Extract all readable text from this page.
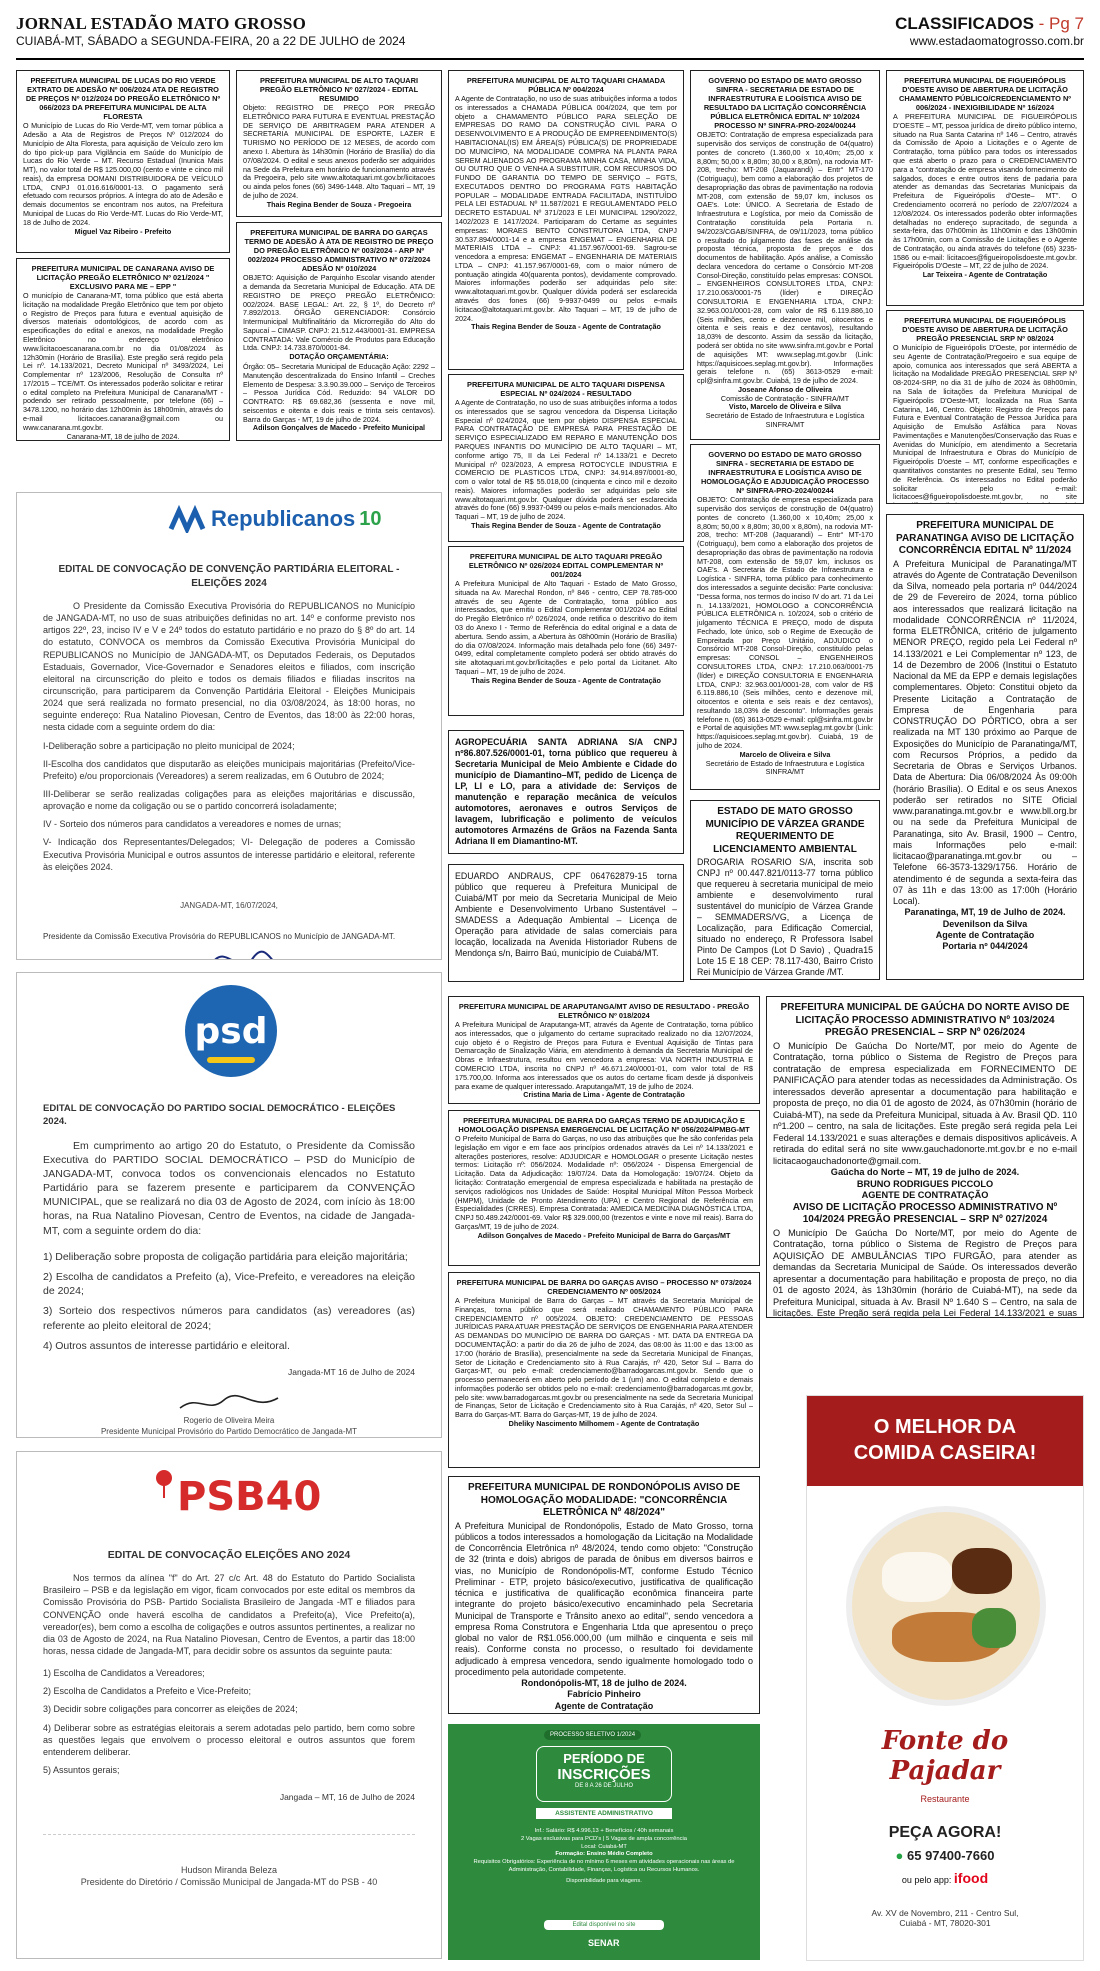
JORNAL ESTADÃO MATO GROSSO
CUIABÁ-MT, SÁBADO a SEGUNDA-FEIRA, 20 a 22 DE JULHO de 2024
CLASSIFICADOS - Pg 7
www.estadaomatogrosso.com.br
PREFEITURA MUNICIPAL DE LUCAS DO RIO VERDE EXTRATO DE ADESÃO Nº 006/2024 ATA DE REGISTRO DE PREÇOS Nº 012/2024 DO PREGÃO ELETRÔNICO Nº 066/2023 DA PREFEITURA MUNICIPAL DE ALTA FLORESTA

O Município de Lucas do Rio Verde-MT, vem tornar pública a Adesão a Ata de Registros de Preços Nº 012/2024 do Município de Alta Floresta, para aquisição de Veículo zero km do tipo pick-up para Vigilância em Saúde do Município de Lucas do Rio Verde – MT. Recurso Estadual (Inunica Mais MT), no valor total de R$ 125.000,00 (cento e vinte e cinco mil reais), da empresa DOMANI DISTRIBUIDORA DE VEÍCULO LTDA, CNPJ 01.016.616/0001-13. O pagamento será efetuado com recursos próprios. A íntegra do ato de Adesão e demais documentos se encontram nos autos, na Prefeitura Municipal de Lucas do Rio Verde-MT. Lucas do Rio Verde-MT, 18 de Julho de 2024.

Miguel Vaz Ribeiro - Prefeito
PREFEITURA MUNICIPAL DE CANARANA AVISO DE LICITAÇÃO PREGÃO ELETRÔNICO Nº 021/2024 " EXCLUSIVO PARA ME – EPP "

O município de Canarana-MT, torna público que está aberta licitação na modalidade Pregão Eletrônico que tem por objeto o Registro de Preços para futura e eventual aquisição de diversos materiais odontológicos, de acordo com as especificações do edital e anexos, na modalidade Pregão Eletrônico no endereço eletrônico www.licitacoescanarana.com.br no dia 01/08/2024 às 12h30min (Horário de Brasília). Este pregão será regido pela Lei nº. 14.133/2021, Decreto Municipal nº 3493/2024, Lei Complementar nº 123/2006, Resolução de Consulta nº 17/2015 – TCE/MT. Os interessados poderão solicitar e retirar o edital completo na Prefeitura Municipal de Canarana/MT - podendo ser retirado pessoalmente, por telefone (66) – 3478.1200, no horário das 12h00min às 18h00min, através do e-mail licitacoes.canarana@gmail.com ou www.canarana.mt.gov.br.

Canarana-MT, 18 de julho de 2024.
PREFEITURA MUNICIPAL DE ALTO TAQUARI PREGÃO ELETRÔNICO Nº 027/2024 - EDITAL RESUMIDO

Objeto: REGISTRO DE PREÇO POR PREGÃO ELETRÔNICO PARA FUTURA E EVENTUAL PRESTAÇÃO DE SERVIÇO DE ARBITRAGEM PARA ATENDER A SECRETARIA MUNICIPAL DE ESPORTE, LAZER E TURISMO NO PERÍODO DE 12 MESES, de acordo com anexo I. Abertura às 14h30min (Horário de Brasília) do dia 07/08/2024. O edital e seus anexos poderão ser adquiridos na Sede da Prefeitura em horário de funcionamento através da Pregoeira, pelo site www.altotaquari.mt.gov.br/licitacoes ou ainda pelos fones (66) 3496-1448. Alto Taquari – MT, 19 de julho de 2024.

Thais Regina Bender de Souza - Pregoeira
PREFEITURA MUNICIPAL DE BARRA DO GARÇAS TERMO DE ADESÃO À ATA DE REGISTRO DE PREÇO DO PREGÃO ELETRÔNICO Nº 003/2024 - ARP Nº 002/2024 PROCESSO ADMINISTRATIVO Nº 072/2024 ADESÃO Nº 010/2024

OBJETO: Aquisição de Parquinho Escolar visando atender a demanda da Secretaria Municipal de Educação. ATA DE REGISTRO DE PREÇO PREGÃO ELETRÔNICO: 002/2024. BASE LEGAL: Art. 22, § 1º, do Decreto nº 7.892/2013. ÓRGÃO GERENCIADOR: Consórcio Intermunicipal Multifinalitário da Microrregião do Alto do Sapucaí – CIMASP. CNPJ: 21.512.443/0001-31. EMPRESA CONTRATADA: Vale Comércio de Produtos para Educação Ltda. CNPJ: 14.733.870/0001-84.

DOTAÇÃO ORÇAMENTÁRIA:

Órgão: 05– Secretaria Municipal de Educação Ação: 2292 – Manutenção descentralizada do Ensino Infantil – Creches Elemento de Despesa: 3.3.90.39.000 – Serviço de Terceiros – Pessoa Jurídica Cód. Reduzido: 94 VALOR DO CONTRATO: R$ 69.682,36 (sessenta e nove mil, seiscentos e oitenta e dois reais e trinta seis centavos). Barra do Garças - MT, 19 de julho de 2024.

Adilson Gonçalves de Macedo - Prefeito Municipal
Republicanos 10
EDITAL DE CONVOCAÇÃO DE CONVENÇÃO PARTIDÁRIA ELEITORAL - ELEIÇÕES 2024

O Presidente da Comissão Executiva Provisória do REPUBLICANOS no Município de JANGADA-MT, no uso de suas atribuições definidas no art. 14º e conforme previsto nos artigos 22º, 23, inciso IV e V e 24º todos do estatuto partidário e no prazo do § 8º do art. 14 do estatuto, CONVOCA os membros da Comissão Executiva Provisória Municipal do REPUBLICANOS no Município de JANGADA-MT, os Deputados Federais, os Deputados Estaduais, Governador, Vice-Governador e Senadores eleitos e filiados, com inscrição eleitoral na circunscrição do pleito e todos os demais filiados e filiadas inscritos na circunscrição, para participarem da Convenção Partidária Eleitoral - Eleições Municipais 2024 que será realizada no formato presencial, no dia 03/08/2024, às 18:00 horas, no seguinte endereço: Rua Natalino Piovesan, Centro de Eventos, das 18:00 às 22:00 horas, nesta cidade com a seguinte ordem do dia:

I-Deliberação sobre a participação no pleito municipal de 2024;
II-Escolha dos candidatos que disputarão as eleições municipais majoritárias (Prefeito/Vice-Prefeito) e/ou proporcionais (Vereadores) a serem realizadas, em 6 Outubro de 2024;
III-Deliberar se serão realizadas coligações para as eleições majoritárias e discussão, aprovação e nome da coligação ou se o partido concorrerá isoladamente;
IV - Sorteio dos números para candidatos a vereadores e nomes de urnas;
V- Indicação dos Representantes/Delegados; VI- Delegação de poderes a Comissão Executiva Provisória Municipal e outros assuntos de interesse partidário e eleitoral, referente às eleições 2024.
JANGADA-MT, 16/07/2024,
Presidente da Comissão Executiva Provisória do REPUBLICANOS no Município de JANGADA-MT.
psd
EDITAL DE CONVOCAÇÃO DO PARTIDO SOCIAL DEMOCRÁTICO - ELEIÇÕES 2024.

Em cumprimento ao artigo 20 do Estatuto, o Presidente da Comissão Executiva do PARTIDO SOCIAL DEMOCRÁTICO – PSD do Município de JANGADA-MT, convoca todos os convencionais elencados no Estatuto Partidário para se fazerem presente e participarem da CONVENÇÃO MUNICIPAL, que se realizará no dia 03 de Agosto de 2024, com início às 18:00 horas, na Rua Natalino Piovesan, Centro de Eventos, na cidade de Jangada-MT, com a seguinte ordem do dia:

1) Deliberação sobre proposta de coligação partidária para eleição majoritária;
2) Escolha de candidatos a Prefeito (a), Vice-Prefeito, e vereadores na eleição de 2024;
3) Sorteio dos respectivos números para candidatos (as) vereadores (as) referente ao pleito eleitoral de 2024;
4) Outros assuntos de interesse partidário e eleitoral.
Jangada-MT 16 de Julho de 2024
Rogerio de Oliveira Meira
Presidente Municipal Provisório do Partido Democrático de Jangada-MT
PSB40
EDITAL DE CONVOCAÇÃO ELEIÇÕES ANO 2024

Nos termos da alínea "f" do Art. 27 c/c Art. 48 do Estatuto do Partido Socialista Brasileiro – PSB e da legislação em vigor, ficam convocados por este edital os membros da Comissão Provisória do PSB- Partido Socialista Brasileiro de Jangada -MT e filiados para CONVENÇÃO onde haverá escolha de candidatos a Prefeito(a), Vice Prefeito(a), vereador(es), bem como a escolha de coligações e outros assuntos pertinentes, a realizar no dia 03 de Agosto de 2024, na Rua Natalino Piovesan, Centro de Eventos, a partir das 18:00 horas, nessa cidade de Jangada-MT, para decidir sobre os assuntos da seguinte pauta:

1) Escolha de Candidatos a Vereadores;
2) Escolha de Candidatos a Prefeito e Vice-Prefeito;
3) Decidir sobre coligações para concorrer as eleições de 2024;
4) Deliberar sobre as estratégias eleitorais a serem adotadas pelo partido, bem como sobre as questões legais que envolvem o processo eleitoral e outros assuntos que forem entenderem deliberar.
5) Assuntos gerais;
Jangada – MT, 16 de Julho de 2024
Hudson Miranda Beleza
Presidente do Diretório / Comissão Municipal de Jangada-MT do PSB - 40
PREFEITURA MUNICIPAL DE ALTO TAQUARI CHAMADA PÚBLICA Nº 004/2024

A Agente de Contratação, no uso de suas atribuições informa a todos os interessados a CHAMADA PÚBLICA 004/2024, que tem por objeto a CHAMAMENTO PÚBLICO PARA SELEÇÃO DE EMPRESAS DO RAMO DA CONSTRUÇÃO CIVIL PARA O DESENVOLVIMENTO E A PRODUÇÃO DE EMPREENDIMENTO(S) HABITACIONAL(IS) EM ÁREA(S) PÚBLICA(S) DE PROPRIEDADE DO MUNICÍPIO, NA MODALIDADE COMPRA NA PLANTA PARA SEREM ALIENADOS AO PROGRAMA MINHA CASA, MINHA VIDA, OU OUTRO QUE O VENHA A SUBSTITUIR, COM RECURSOS DO FUNDO DE GARANTIA DO TEMPO DE SERVIÇO – FGTS, EXECUTADOS DENTRO DO PROGRAMA FGTS HABITAÇÃO POPULAR – MODALIDADE ENTRADA FACILITADA, INSTITUÍDO PELA LEI ESTADUAL Nº 11.587/2021 E REGULAMENTADO PELO DECRETO ESTADUAL Nº 371/2023 E LEI MUNICIPAL 1290/2022, 1402/2023 E 1417/2024. Participaram do Certame as seguintes empresas: MORAES BENTO CONSTRUTORA LTDA, CNPJ 30.537.894/0001-14 e a empresa ENGEMAT – ENGENHARIA DE MATERIAIS LTDA – CNPJ: 41.157.967/0001-69. Sagrou-se vencedora a empresa: ENGEMAT – ENGENHARIA DE MATERIAIS LTDA – CNPJ: 41.157.967/0001-69, com o maior número de pontuação atingida 40(quarenta pontos), devidamente comprovado. Maiores informações poderão ser adquiridas pelo site: www.altotaquari.mt.gov.br. Qualquer dúvida poderá ser esclarecida através dos fones (66) 9-9937-0499 ou pelos e-mails licitacao@altotaquari.mt.gov.br. Alto Taquari – MT, 19 de julho de 2024.

Thais Regina Bender de Souza - Agente de Contratação
PREFEITURA MUNICIPAL DE ALTO TAQUARI DISPENSA ESPECIAL Nº 024/2024 - RESULTADO

A Agente de Contratação, no uso de suas atribuições informa a todos os interessados que se sagrou vencedora da Dispensa Licitação Especial nº 024/2024, que tem por objeto DISPENSA ESPECIAL PARA CONTRATAÇÃO DE EMPRESA PARA PRESTAÇÃO DE SERVIÇO ESPECIALIZADO EM REPARO E MANUTENÇÃO DOS PARQUES INFANTIS DO MUNICÍPIO DE ALTO TAQUARI – MT, conforme artigo 75, II da Lei Federal nº 14.133/21 e Decreto Municipal nº 023/2023, A empresa ROTOCYCLE INDUSTRIA E COMERCIO DE PLASTICOS LTDA, CNPJ: 34.914.897/0001-80, com o valor total de R$ 55.018,00 (cinquenta e cinco mil e dezoito reais). Maiores informações poderão ser adquiridas pelo site www.altotaquari.mt.gov.br. Qualquer dúvida poderá ser esclarecida através do fone (66) 9.9937-0499 ou pelos e-mails mencionados. Alto Taquari – MT, 19 de julho de 2024.

Thais Regina Bender de Souza - Agente de Contratação
PREFEITURA MUNICIPAL DE ALTO TAQUARI PREGÃO ELETRÔNICO Nº 026/2024 EDITAL COMPLEMENTAR Nº 001/2024

A Prefeitura Municipal de Alto Taquari - Estado de Mato Grosso, situada na Av. Marechal Rondon, nº 846 - centro, CEP 78.785-000 através de seu Agente de Contratação, torna público aos interessados, que emitiu o Edital Complementar 001/2024 ao Edital do Pregão Eletrônico nº 026/2024, onde retifica o descritivo do item 03 do Anexo I - Termo de Referência do edital original e a data de abertura. Sendo assim, a Abertura às 08h00min (Horário de Brasília) do dia 07/08/2024. Informação mais detalhada pelo fone (66) 3497-0499, edital completamente completo poderá ser obtido através do site altotaquari.mt.gov.br/licitações e pelo portal da Licitanet. Alto Taquari – MT, 19 de julho de 2024.

Thais Regina Bender de Souza - Agente de Contratação

AGROPECUÁRIA SANTA ADRIANA S/A CNPJ nº86.807.526/0001-01, torna público que requereu à Secretaria Municipal de Meio Ambiente e Cidade do município de Diamantino–MT, pedido de Licença de LP, LI e LO, para a atividade de: Serviços de manutenção e reparação mecânica de veículos automotores, aeronaves e outros Serviços de lavagem, lubrificação e polimento de veículos automotores Armazéns de Grãos na Fazenda Santa Adriana II em Diamantino-MT.

EDUARDO ANDRAUS, CPF 064762879-15 torna público que requereu à Prefeitura Municipal de Cuiabá/MT por meio da Secretaria Municipal de Meio Ambiente e Desenvolvimento Urbano Sustentável – SMADESS a Adequação Ambiental – Licença de Operação para atividade de salas comerciais para locação, localizada na Avenida Historiador Rubens de Mendonça s/n, Bairro Baú, município de Cuiabá/MT.

GOVERNO DO ESTADO DE MATO GROSSO SINFRA - SECRETARIA DE ESTADO DE INFRAESTRUTURA E LOGÍSTICA AVISO DE RESULTADO DA LICITAÇÃO CONCORRÊNCIA PÚBLICA ELETRÔNICA EDITAL Nº 10/2024 PROCESSO Nº SINFRA-PRO-2024/00244

OBJETO: Contratação de empresa especializada para supervisão dos serviços de construção de 04(quatro) pontes de concreto (1.360,00 x 10,40m; 25,00 x 8,80m; 50,00 x 8,80m; 30,00 x 8,80m), na rodovia MT-208, trecho: MT-208 (Jaquarandi) – Entr° MT-170 (Cotriguaçu), bem como a elaboração dos projetos de desapropriação das obras de pavimentação na rodovia MT-208, com extensão de 59,07 km, inclusos os OAE's. Lote: ÚNICO. A Secretaria de Estado de Infraestrutura e Logística, por meio da Comissão de Contratação constituída pela Portaria n. 94/2023/CGAB/SINFRA, de 09/11/2023, torna público o resultado do julgamento das fases de análise da proposta técnica, proposta de preços e dos documentos de habilitação. Após análise, a Comissão declara vencedora do certame o Consórcio MT-208 Consol-Direção, constituído pelas empresas: CONSOL – ENGENHEIROS CONSULTORES LTDA, CNPJ: 17.210.063/0001-75 (líder) e DIREÇÃO CONSULTORIA E ENGENHARIA LTDA, CNPJ: 32.963.001/0001-28, com valor de R$ 6.119.886,10 (Seis milhões, cento e dezenove mil, oitocentos e oitenta e seis reais e dez centavos), resultando 18,03% de desconto. Assim da sessão da licitação, poderá ser obtida no site www.sinfra.mt.gov.br e Portal de aquisições MT: www.seplag.mt.gov.br (Link: https://aquisicoes.seplag.mt.gov.br). Informações gerais telefone n. (65) 3613-0529 e-mail: cpl@sinfra.mt.gov.br. Cuiabá, 19 de julho de 2024.

Joseane Afonso de Oliveira
Comissão de Contratação - SINFRA/MT
Visto, Marcelo de Oliveira e Silva
Secretário de Estado de Infraestrutura e Logística SINFRA/MT
GOVERNO DO ESTADO DE MATO GROSSO SINFRA - SECRETARIA DE ESTADO DE INFRAESTRUTURA E LOGÍSTICA AVISO DE HOMOLOGAÇÃO E ADJUDICAÇÃO PROCESSO Nº SINFRA-PRO-2024/00244

OBJETO: Contratação de empresa especializada para supervisão dos serviços de construção de 04(quatro) pontes de concreto (1.360,00 x 10,40m; 25,00 x 8,80m; 50,00 x 8,80m; 30,00 x 8,80m), na rodovia MT-208, trecho: MT-208 (Jaquarandi) – Entr° MT-170 (Cotriguaçu), bem como a elaboração dos projetos de desapropriação das obras de pavimentação na rodovia MT-208, com extensão de 59,07 km, inclusos os OAE's. A Secretaria de Estado de Infraestrutura e Logística - SINFRA, torna público para conhecimento dos interessados a seguinte decisão: Parte conclusiva: "Dessa forma, nos termos do inciso IV do art. 71 da Lei n. 14.133/2021, HOMOLOGO a CONCORRÊNCIA PÚBLICA ELETRÔNICA n. 10/2024, sob o critério de julgamento TÉCNICA E PREÇO, modo de disputa Fechado, lote único, sob o Regime de Execução de Empreitada por Preço Unitário, ADJUDICO o Consórcio MT-208 Consol-Direção, constituído pelas empresas: CONSOL – ENGENHEIROS CONSULTORES LTDA, CNPJ: 17.210.063/0001-75 (líder) e DIREÇÃO CONSULTORIA E ENGENHARIA LTDA, CNPJ: 32.963.001/0001-28, com valor de R$ 6.119.886,10 (Seis milhões, cento e dezenove mil, oitocentos e oitenta e seis reais e dez centavos), resultando 18,03% de desconto". Informações gerais telefone n. (65) 3613-0529 e-mail: cpl@sinfra.mt.gov.br e Portal de aquisições MT: www.seplag.mt.gov.br (Link: https://aquisicoes.seplag.mt.gov.br). Cuiabá, 19 de julho de 2024.

Marcelo de Oliveira e Silva
Secretário de Estado de Infraestrutura e Logística SINFRA/MT
ESTADO DE MATO GROSSO MUNICÍPIO DE VÁRZEA GRANDE REQUERIMENTO DE LICENCIAMENTO AMBIENTAL

DROGARIA ROSARIO S/A, inscrita sob CNPJ nº 00.447.821/0113-77 torna público que requereu à secretaria municipal de meio ambiente e desenvolvimento rural sustentável do município de Várzea Grande – SEMMADERS/VG, a Licença de Localização, para Edificação Comercial, situado no endereço, R Professora Isabel Pinto De Campos (Lot D Savio) , Quadra15 Lote 15 E 18 CEP: 78.117-430, Bairro Cristo Rei Município de Várzea Grande /MT.

PREFEITURA MUNICIPAL DE FIGUEIRÓPOLIS D'OESTE AVISO DE ABERTURA DE LICITAÇÃO CHAMAMENTO PÚBLICO/CREDENCIAMENTO Nº 006/2024 - INEXIGIBILIDADE Nº 16/2024

A PREFEITURA MUNICIPAL DE FIGUEIRÓPOLIS D'OESTE – MT, pessoa jurídica de direito público interno, situado na Rua Santa Catarina nº 146 – Centro, através da Comissão de Apoio a Licitações e o Agente de Contratação, torna público para todos os interessados que está aberto o prazo para o CREDENCIAMENTO para a "contratação de empresa visando fornecimento de salgados, doces e entre outros itens de padaria para atender as demandas das Secretarias Municipais da Prefeitura de Figueirópolis d'Oeste– MT". O Credenciamento ocorrerá no período de 22/07/2024 a 12/08/2024. Os interessados poderão obter informações detalhadas no endereço supracitado, de segunda a sexta-feira, das 07h00min às 11h00min e das 13h00min às 17h00min, com a Comissão de Licitações e o Agente de Contratação, ou ainda através do telefone (65) 3235-1586 ou e-mail: licitacoes@figueiropolisdoeste.mt.gov.br. Figueirópolis D'Oeste – MT, 22 de julho de 2024.

Lar Teixeira - Agente de Contratação
PREFEITURA MUNICIPAL DE FIGUEIRÓPOLIS D'OESTE AVISO DE ABERTURA DE LICITAÇÃO PREGÃO PRESENCIAL SRP Nº 08/2024

O Município de Figueirópolis D'Oeste, por intermédio de seu Agente de Contratação/Pregoeiro e sua equipe de apoio, comunica aos interessados que será ABERTA a licitação na Modalidade PREGÃO PRESENCIAL SRP Nº 08-2024-SRP, no dia 31 de julho de 2024 às 08h00min, na Sala de licitações da Prefeitura Municipal de Figueirópolis D'Oeste-MT, localizada na Rua Santa Catarina, 146, Centro. Objeto: Registro de Preços para Futura e Eventual Contratação de Pessoa Jurídica para Aquisição de Emulsão Asfáltica para Novas Pavimentações e Manutenções/Conservação das Ruas e Avenidas do Município, em atendimento a Secretaria Municipal de Infraestrutura e Obras do Município de Figueirópolis D'oeste – MT, conforme especificações e quantitativos constantes no presente Edital, seu Termo de Referência. Os interessados no Edital poderão solicitar pelo e-mail: licitacoes@figueiropolisdoeste.mt.gov.br, no site

PREFEITURA MUNICIPAL DE PARANATINGA AVISO DE LICITAÇÃO CONCORRÊNCIA EDITAL Nº 11/2024

A Prefeitura Municipal de Paranatinga/MT através do Agente de Contratação Devenilson da Silva, nomeado pela portaria nº 044/2024 de 29 de Fevereiro de 2024, torna público aos interessados que realizará licitação na modalidade CONCORRÊNCIA nº 11/2024, forma ELETRÔNICA, critério de julgamento MENOR PREÇO, regido pela Lei Federal nº 14.133/2021 e Lei Complementar nº 123, de 14 de Dezembro de 2006 (Institui o Estatuto Nacional da ME da EPP e demais legislações complementares. Objeto: Constitui objeto da Presente Licitação a Contratação de Empresa de Engenharia para CONSTRUÇÃO DO PÓRTICO, obra a ser realizada na MT 130 próximo ao Parque de Exposições do Município de Paranatinga/MT, com Recursos Próprios, a pedido da Secretaria de Obras e Serviços Urbanos. Data de Abertura: Dia 06/08/2024 Às 09:00h (horário Brasília). O Edital e os seus Anexos poderão ser retirados no SITE Oficial www.paranatinga.mt.gov.br e www.bll.org.br ou na sede da Prefeitura Municipal de Paranatinga, sito Av. Brasil, 1900 – Centro, mais Informações pelo e-mail: licitacao@paranatinga.mt.gov.br ou – Telefone 66-3573-1329/1756. Horário de atendimento é de segunda a sexta-feira das 07 às 11h e das 13:00 as 17:00h (Horário Local).

Paranatinga, MT, 19 de Julho de 2024.
Devenilson da Silva
Agente de Contratação
Portaria nº 044/2024
PREFEITURA MUNICIPAL DE ARAPUTANGA/MT AVISO DE RESULTADO - PREGÃO ELETRÔNICO Nº 018/2024

A Prefeitura Municipal de Araputanga-MT, através da Agente de Contratação, torna público aos interessados, que o julgamento do certame supracitado realizado no dia 12/07/2024, cujo objeto é o Registro de Preços para Futura e Eventual Aquisição de Tintas para Demarcação de Sinalização Viária, em atendimento à demanda da Secretaria Municipal de Obras e Infraestrutura, resultou em vencedora a empresa: VIA NORTH INDUSTRIA E COMERCIO LTDA, inscrita no CNPJ nº 46.671.240/0001-01, com valor total de R$ 175.700,00. Informa aos interessados que os autos do certame ficam desde já disponíveis para exame de qualquer interessado. Araputanga/MT, 19 de julho de 2024.

Cristina Maria de Lima - Agente de Contratação
PREFEITURA MUNICIPAL DE BARRA DO GARÇAS TERMO DE ADJUDICAÇÃO E HOMOLOGAÇÃO DISPENSA EMERGENCIAL DE LICITAÇÃO Nº 056/2024/PMBG-MT

O Prefeito Municipal de Barra do Garças, no uso das atribuições que lhe são conferidas pela legislação em vigor e em face aos princípios ordenados através da Lei nº 14.133/2021 e alterações posteriores, resolve: ADJUDICAR e HOMOLOGAR o presente Licitação nestes termos: Licitação nº: 056/2024. Modalidade nº: 056/2024 - Dispensa Emergencial de Licitação. Data da Adjudicação: 19/07/24. Data da Homologação: 19/07/24. Objeto da licitação: Contratação emergencial de empresa especializada e habilitada na prestação de serviços radiológicos nos Unidades de Saúde: Hospital Municipal Milton Pessoa Morbeck (HMPM), Unidade de Pronto Atendimento (UPA) e Centro Regional de Referência em Especialidades (CRRES). Empresa Contratada: AMEDICA MEDICINA DIAGNÓSTICA LTDA, CNPJ 50.489.242/0001-69. Valor R$ 329.000,00 (trezentos e vinte e nove mil reais). Barra do Garças/MT, 19 de julho de 2024.

Adilson Gonçalves de Macedo - Prefeito Municipal de Barra do Garças/MT
PREFEITURA MUNICIPAL DE BARRA DO GARÇAS AVISO – PROCESSO Nº 073/2024 CREDENCIAMENTO Nº 005/2024

A Prefeitura Municipal de Barra do Garças – MT através da Secretaria Municipal de Finanças, torna público que será realizado CHAMAMENTO PÚBLICO PARA CREDENCIAMENTO nº 005/2024. OBJETO: CREDENCIAMENTO DE PESSOAS JURÍDICAS PARA ATUAR PRESTAÇÃO DE SERVIÇOS DE ENGENHARIA PARA ATENDER AS DEMANDAS DO MUNICÍPIO DE BARRA DO GARÇAS - MT. DATA DA ENTREGA DA DOCUMENTAÇÃO: a partir do dia 26 de julho de 2024, das 08:00 às 11:00 e das 13:00 as 17:00 (horário de Brasília), presencialmente na sede da Secretaria Municipal de Finanças, Setor de Licitação e Credenciamento sito à Rua Carajás, nº 420, Setor Sul – Barra do Garças-MT, ou pelo e-mail: credenciamento@barradogarcas.mt.gov.br. Sendo que o processo permanecerá em aberto pelo período de 1 (um) ano. O edital completo e demais informações poderão ser obtidos pelo no e-mail: credenciamento@barradogarcas.mt.gov.br, pelo site: www.barradogarcas.mt.gov.br ou presencialmente na sede da Secretaria Municipal de Finanças, Setor de Licitação e Credenciamento sito à Rua Carajás, nº 420, Setor Sul – Barra do Garças-MT. Barra do Garças-MT, 19 de julho de 2024.

Dheliky Nascimento Milhomem - Agente de Contratação
PREFEITURA MUNICIPAL DE RONDONÓPOLIS AVISO DE HOMOLOGAÇÃO MODALIDADE: "CONCORRÊNCIA ELETRÔNICA Nº 48/2024"

A Prefeitura Municipal de Rondonópolis, Estado de Mato Grosso, torna públicos a todos interessados a homologação da Licitação na Modalidade de Concorrência Eletrônica nº 48/2024, tendo como objeto: "Construção de 32 (trinta e dois) abrigos de parada de ônibus em diversos bairros e vias, no Município de Rondonópolis-MT, conforme Estudo Técnico Preliminar - ETP, projeto básico/executivo, justificativa de qualificação técnica e justificativa de qualificação econômica financeira parte integrante do projeto básico/executivo encaminhado pela Secretaria Municipal de Transporte e Trânsito anexo ao edital", sendo vencedora a empresa Roma Construtora e Engenharia Ltda que apresentou o preço global no valor de R$1.056.000,00 (um milhão e cinquenta e seis mil reais). Conforme consta no processo, o resultado foi devidamente adjudicado à empresa vencedora, sendo igualmente homologado todo o procedimento pela autoridade competente.

Rondonópolis-MT, 18 de julho de 2024.
Fabrício Pinheiro
Agente de Contratação
PROCESSO SELETIVO 1/2024
PERÍODO DE
INSCRIÇÕES
DE 8 A 26 DE JULHO
ASSISTENTE ADMINISTRATIVO
Inf.: Salário: R$ 4.996,13 + Benefícios / 40h semanais
2 Vagas exclusivas para PCD's | 5 Vagas de ampla concorrência
Local: Cuiabá-MT
Formação: Ensino Médio Completo
Requisitos Obrigatórios: Experiência de no mínimo 6 meses em atividades operacionais nas áreas de Administração, Contabilidade, Finanças, Logística ou Recursos Humanos.
Disponibilidade para viagens.
Edital disponível no site
SENAR
PREFEITURA MUNICIPAL DE GAÚCHA DO NORTE AVISO DE LICITAÇÃO PROCESSO ADMINISTRATIVO Nº 103/2024 PREGÃO PRESENCIAL – SRP Nº 026/2024

O Município De Gaúcha Do Norte/MT, por meio do Agente de Contratação, torna público o Sistema de Registro de Preços para contratação de empresa especializada em FORNECIMENTO DE PANIFICAÇÃO para atender todas as necessidades da Administração. Os interessados deverão apresentar a documentação para habilitação e proposta de preço, no dia 01 de agosto de 2024, às 07h30min (horário de Cuiabá-MT), na sede da Prefeitura Municipal, situada à Av. Brasil QD. 110 nº1.200 – centro, na sala de licitações. Este pregão será regida pela Lei Federal 14.133/2021 e suas alterações e demais dispositivos aplicáveis. A retirada do edital será no site www.gauchadonorte.mt.gov.br e no e-mail licitacaogauchadonorte@gmail.com.

Gaúcha do Norte – MT, 19 de julho de 2024.
BRUNO RODRIGUES PICCOLO
AGENTE DE CONTRATAÇÃO
AVISO DE LICITAÇÃO PROCESSO ADMINISTRATIVO Nº 104/2024 PREGÃO PRESENCIAL – SRP Nº 027/2024

O Município De Gaúcha Do Norte/MT, por meio do Agente de Contratação, torna público o Sistema de Registro de Preços para AQUISIÇÃO DE AMBULÂNCIAS TIPO FURGÃO, para atender as demandas da Secretaria Municipal de Saúde. Os interessados deverão apresentar a documentação para habilitação e proposta de preço, no dia 01 de agosto 2024, às 13h30min (horário de Cuiabá-MT), na sede da Prefeitura Municipal, situada à Av. Brasil Nº 1.640 S – Centro, na sala de licitações. Este Pregão será regida pela Lei Federal 14.133/2021 e suas

O MELHOR DA
COMIDA CASEIRA!
Fonte do
Pajadar
Restaurante
PEÇA AGORA!
● 65 97400-7660
ou pelo app: ifood
Av. XV de Novembro, 211 - Centro Sul,
Cuiabá - MT, 78020-301
